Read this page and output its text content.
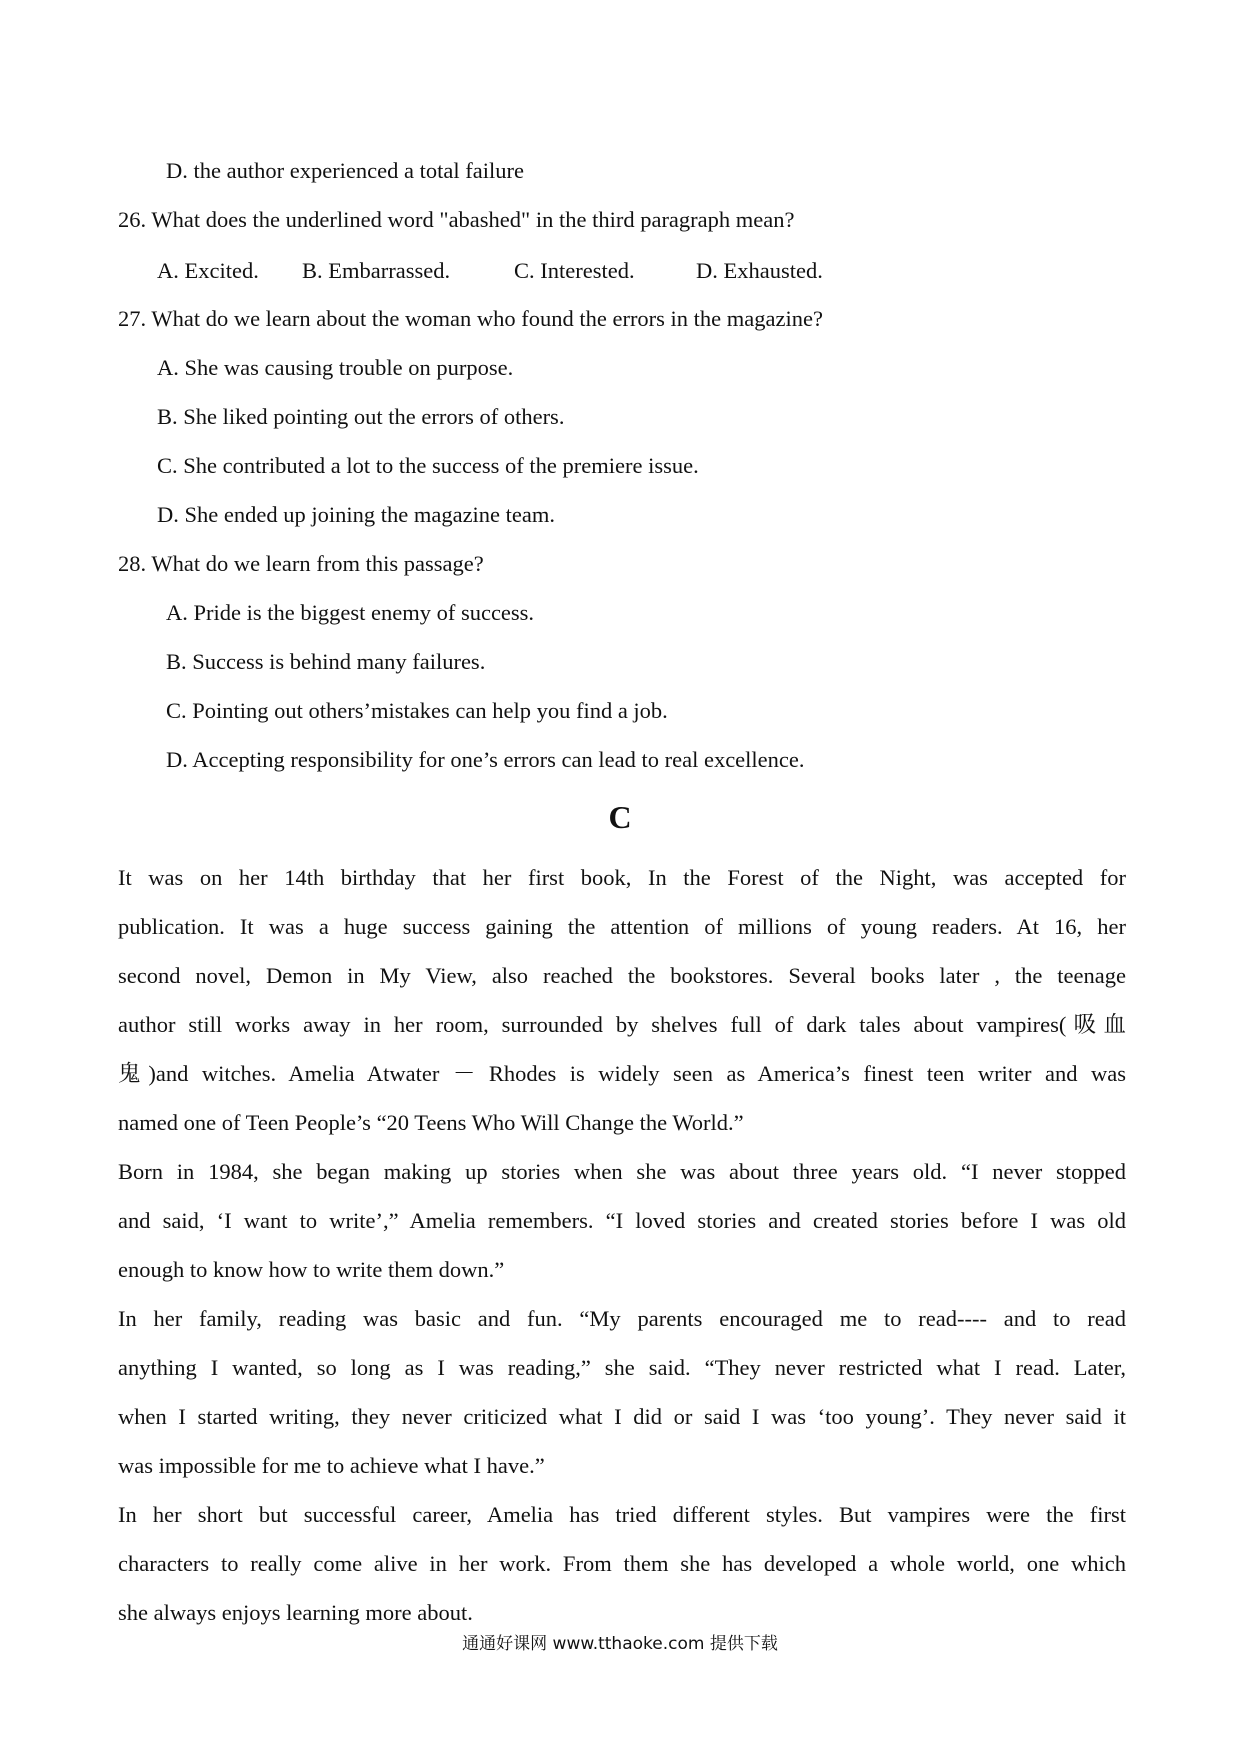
D. the author experienced a total failure
26. What does the underlined word "abashed" in the third paragraph mean?
A. Excited. B. Embarrassed.	C. Interested.	D. Exhausted.
27. What do we learn about the woman who found the errors in the magazine?
A. She was causing trouble on purpose.
B. She liked pointing out the errors of others.
C. She contributed a lot to the success of the premiere issue.
D. She ended up joining the magazine team.
28. What do we learn from this passage?
A. Pride is the biggest enemy of success.
B. Success is behind many failures.
C. Pointing out others’mistakes can help you find a job.
D. Accepting responsibility for one’s errors can lead to real excellence.
C
It was on her 14th birthday that her first book, In the Forest of the Night, was accepted for
publication. It was a huge success gaining the attention of millions of young readers. At 16, her
second novel, Demon in My View, also reached the bookstores. Several books later , the teenage
author still works away in her room, surrounded by shelves full of dark tales about vampires(吸血
鬼)and witches. Amelia Atwater － Rhodes is widely seen as America’s finest teen writer and was
named one of Teen People’s “20 Teens Who Will Change the World.”
Born in 1984, she began making up stories when she was about three years old. “I never stopped
and said, ‘I want to write’,” Amelia remembers. “I loved stories and created stories before I was old
enough to know how to write them down.”
In her family, reading was basic and fun. “My parents encouraged me to read---- and to read
anything I wanted, so long as I was reading,” she said. “They never restricted what I read. Later,
when I started writing, they never criticized what I did or said I was ‘too young’. They never said it
was impossible for me to achieve what I have.”
In her short but successful career, Amelia has tried different styles. But vampires were the first
characters to really come alive in her work. From them she has developed a whole world, one which
she always enjoys learning more about.
通通好课网 www.tthaoke.com 提供下载
